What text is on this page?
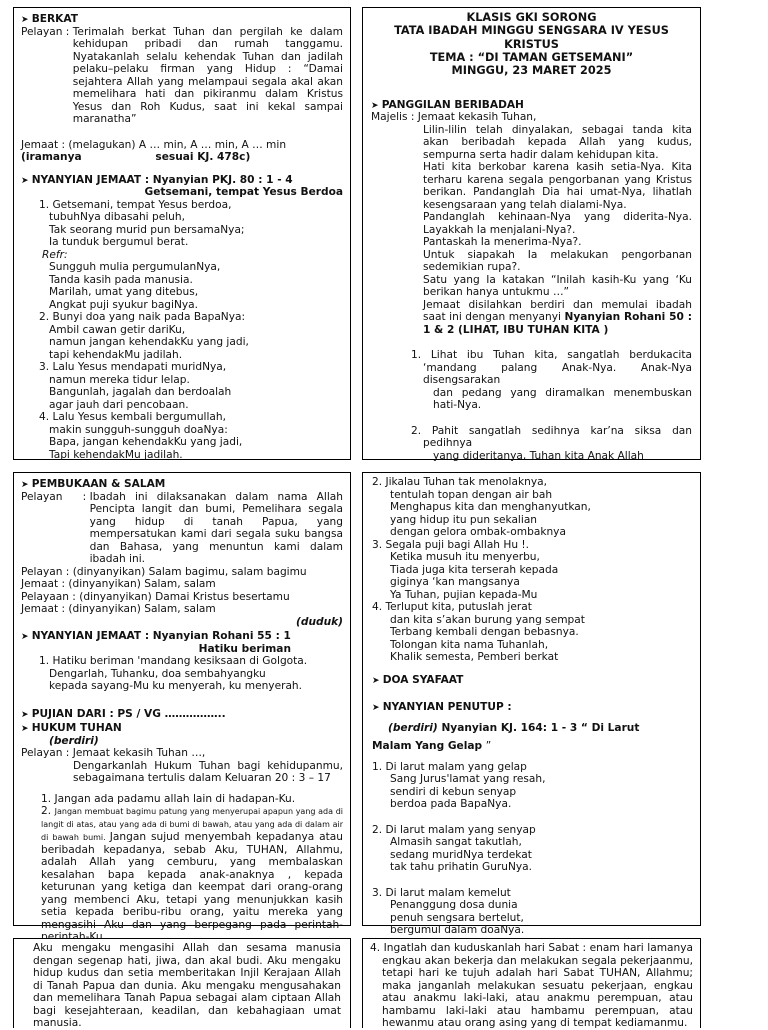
➤ BERKAT
Pelayan : Terimalah berkat Tuhan dan pergilah ke dalam kehidupan pribadi dan rumah tanggamu. Nyatakanlah selalu kehendak Tuhan dan jadilah pelaku–pelaku firman yang Hidup : “Damai sejahtera Allah yang melampaui segala akal akan memelihara hati dan pikiranmu dalam Kristus Yesus dan Roh Kudus, saat ini kekal sampai maranatha”
Jemaat : (melagukan) A … min, A … min, A … min
(iramanya                    sesuai KJ. 478c)
➤ NYANYIAN JEMAAT : Nyanyian PKJ. 80 : 1 - 4
Getsemani, tempat Yesus Berdoa
1. Getsemani, tempat Yesus berdoa,
tubuhNya dibasahi peluh,
Tak seorang murid pun bersamaNya;
Ia tunduk bergumul berat.
Refr:
Sungguh mulia pergumulanNya,
Tanda kasih pada manusia.
Marilah, umat yang ditebus,
Angkat puji syukur bagiNya.
2. Bunyi doa yang naik pada BapaNya:
Ambil cawan getir dariKu,
namun jangan kehendakKu yang jadi,
tapi kehendakMu jadilah.
3. Lalu Yesus mendapati muridNya,
namun mereka tidur lelap.
Bangunlah, jagalah dan berdoalah
agar jauh dari pencobaan.
4. Lalu Yesus kembali bergumullah,
makin sungguh-sungguh doaNya:
Bapa, jangan kehendakKu yang jadi,
Tapi kehendakMu jadilah.
KLASIS GKI SORONG
TATA IBADAH MINGGU SENGSARA IV YESUS KRISTUS
TEMA : “DI TAMAN GETSEMANI”
MINGGU, 23 MARET 2025
➤ PANGGILAN BERIBADAH
Majelis : Jemaat kekasih Tuhan,
Lilin-lilin telah dinyalakan, sebagai tanda kita akan beribadah kepada Allah yang kudus, sempurna serta hadir dalam kehidupan kita.
Hati kita berkobar karena kasih setia-Nya. Kita terharu karena segala pengorbanan yang Kristus berikan. Pandanglah Dia hai umat-Nya, lihatlah kesengsaraan yang telah dialami-Nya.
Pandanglah kehinaan-Nya yang diderita-Nya. Layakkah Ia menjalani-Nya?.
Pantaskah Ia menerima-Nya?.
Untuk siapakah Ia melakukan pengorbanan sedemikian rupa?.
Satu yang Ia katakan “Inilah kasih-Ku yang ‘Ku berikan hanya untukmu …”
Jemaat disilahkan berdiri dan memulai ibadah saat ini dengan menyanyi Nyanyian Rohani 50 : 1 & 2 (LIHAT, IBU TUHAN KITA )
1. Lihat ibu Tuhan kita, sangatlah berdukacita ‘mandang palang Anak-Nya. Anak-Nya disengsarakan
dan pedang yang diramalkan menembuskan hati-Nya.
2. Pahit sangatlah sedihnya kar’na siksa dan pedihnya
yang dideritanya, Tuhan kita Anak Allah
➤ PEMBUKAAN & SALAM
Pelayan      : Ibadah ini dilaksanakan dalam nama Allah Pencipta langit dan bumi, Pemelihara segala yang hidup di tanah Papua, yang mempersatukan kami dari segala suku bangsa dan Bahasa, yang menuntun kami dalam ibadah ini.
Pelayan : (dinyanyikan) Salam bagimu, salam bagimu
Jemaat : (dinyanyikan) Salam, salam
Pelayaan : (dinyanyikan) Damai Kristus besertamu
Jemaat : (dinyanyikan) Salam, salam
(duduk)
➤ NYANYIAN JEMAAT : Nyanyian Rohani 55 : 1
Hatiku beriman
1. Hatiku beriman 'mandang kesiksaan di Golgota.
Dengarlah, Tuhanku, doa sembahyangku
kepada sayang-Mu ku menyerah, ku menyerah.
➤ PUJIAN DARI : PS / VG ……………..
➤ HUKUM TUHAN
(berdiri)
Pelayan : Jemaat kekasih Tuhan …,
Dengarkanlah Hukum Tuhan bagi kehidupanmu, sebagaimana tertulis dalam Keluaran 20 : 3 – 17
1. Jangan ada padamu allah lain di hadapan-Ku.
2. Jangan membuat bagimu patung yang menyerupai apapun yang ada di langit di atas, atau yang ada di bumi di bawah, atau yang ada di dalam air di bawah bumi. Jangan sujud menyembah kepadanya atau beribadah kepadanya, sebab Aku, TUHAN, Allahmu, adalah Allah yang cemburu, yang membalaskan kesalahan bapa kepada anak-anaknya , kepada keturunan yang ketiga dan keempat dari orang-orang yang membenci Aku, tetapi yang menunjukkan kasih setia kepada beribu-ribu orang, yaitu mereka yang mengasihi Aku dan yang berpegang pada perintah-
2. Jikalau Tuhan tak menolaknya,
tentulah topan dengan air bah
Menghapus kita dan menghanyutkan,
yang hidup itu pun sekalian
dengan gelora ombak-ombaknya
3. Segala puji bagi Allah Hu !.
Ketika musuh itu menyerbu,
Tiada juga kita terserah kepada
giginya ‘kan mangsanya
Ya Tuhan, pujian kepada-Mu
4. Terluput kita, putuslah jerat
dan kita s’akan burung yang sempat
Terbang kembali dengan bebasnya.
Tolongan kita nama Tuhanlah,
Khalik semesta, Pemberi berkat
➤ DOA SYAFAAT
➤ NYANYIAN PENUTUP :
(berdiri) Nyanyian KJ. 164: 1 - 3 “ Di Larut
Malam Yang Gelap ”
1. Di larut malam yang gelap
Sang Jurus'lamat yang resah,
sendiri di kebun senyap
berdoa pada BapaNya.
2. Di larut malam yang senyap
Almasih sangat takutlah,
sedang muridNya terdekat
tak tahu prihatin GuruNya.
3. Di larut malam kemelut
Penanggung dosa dunia
penuh sengsara bertelut,
bergumul dalam doaNya.
Aku mengaku mengasihi Allah dan sesama manusia dengan segenap hati, jiwa, dan akal budi. Aku mengaku hidup kudus dan setia memberitakan Injil Kerajaan Allah di Tanah Papua dan dunia. Aku mengaku mengusahakan dan memelihara Tanah Papua sebagai alam ciptaan Allah bagi kesejahteraan, keadilan, dan kebahagiaan umat manusia.
4. Ingatlah dan kuduskanlah hari Sabat : enam hari lamanya engkau akan bekerja dan melakukan segala pekerjaanmu, tetapi hari ke tujuh adalah hari Sabat TUHAN, Allahmu; maka janganlah melakukan sesuatu pekerjaan, engkau atau anakmu laki-laki, atau anakmu perempuan, atau hambamu laki-laki atau hambamu perempuan, atau hewanmu atau orang asing yang di tempat kediamanmu.
